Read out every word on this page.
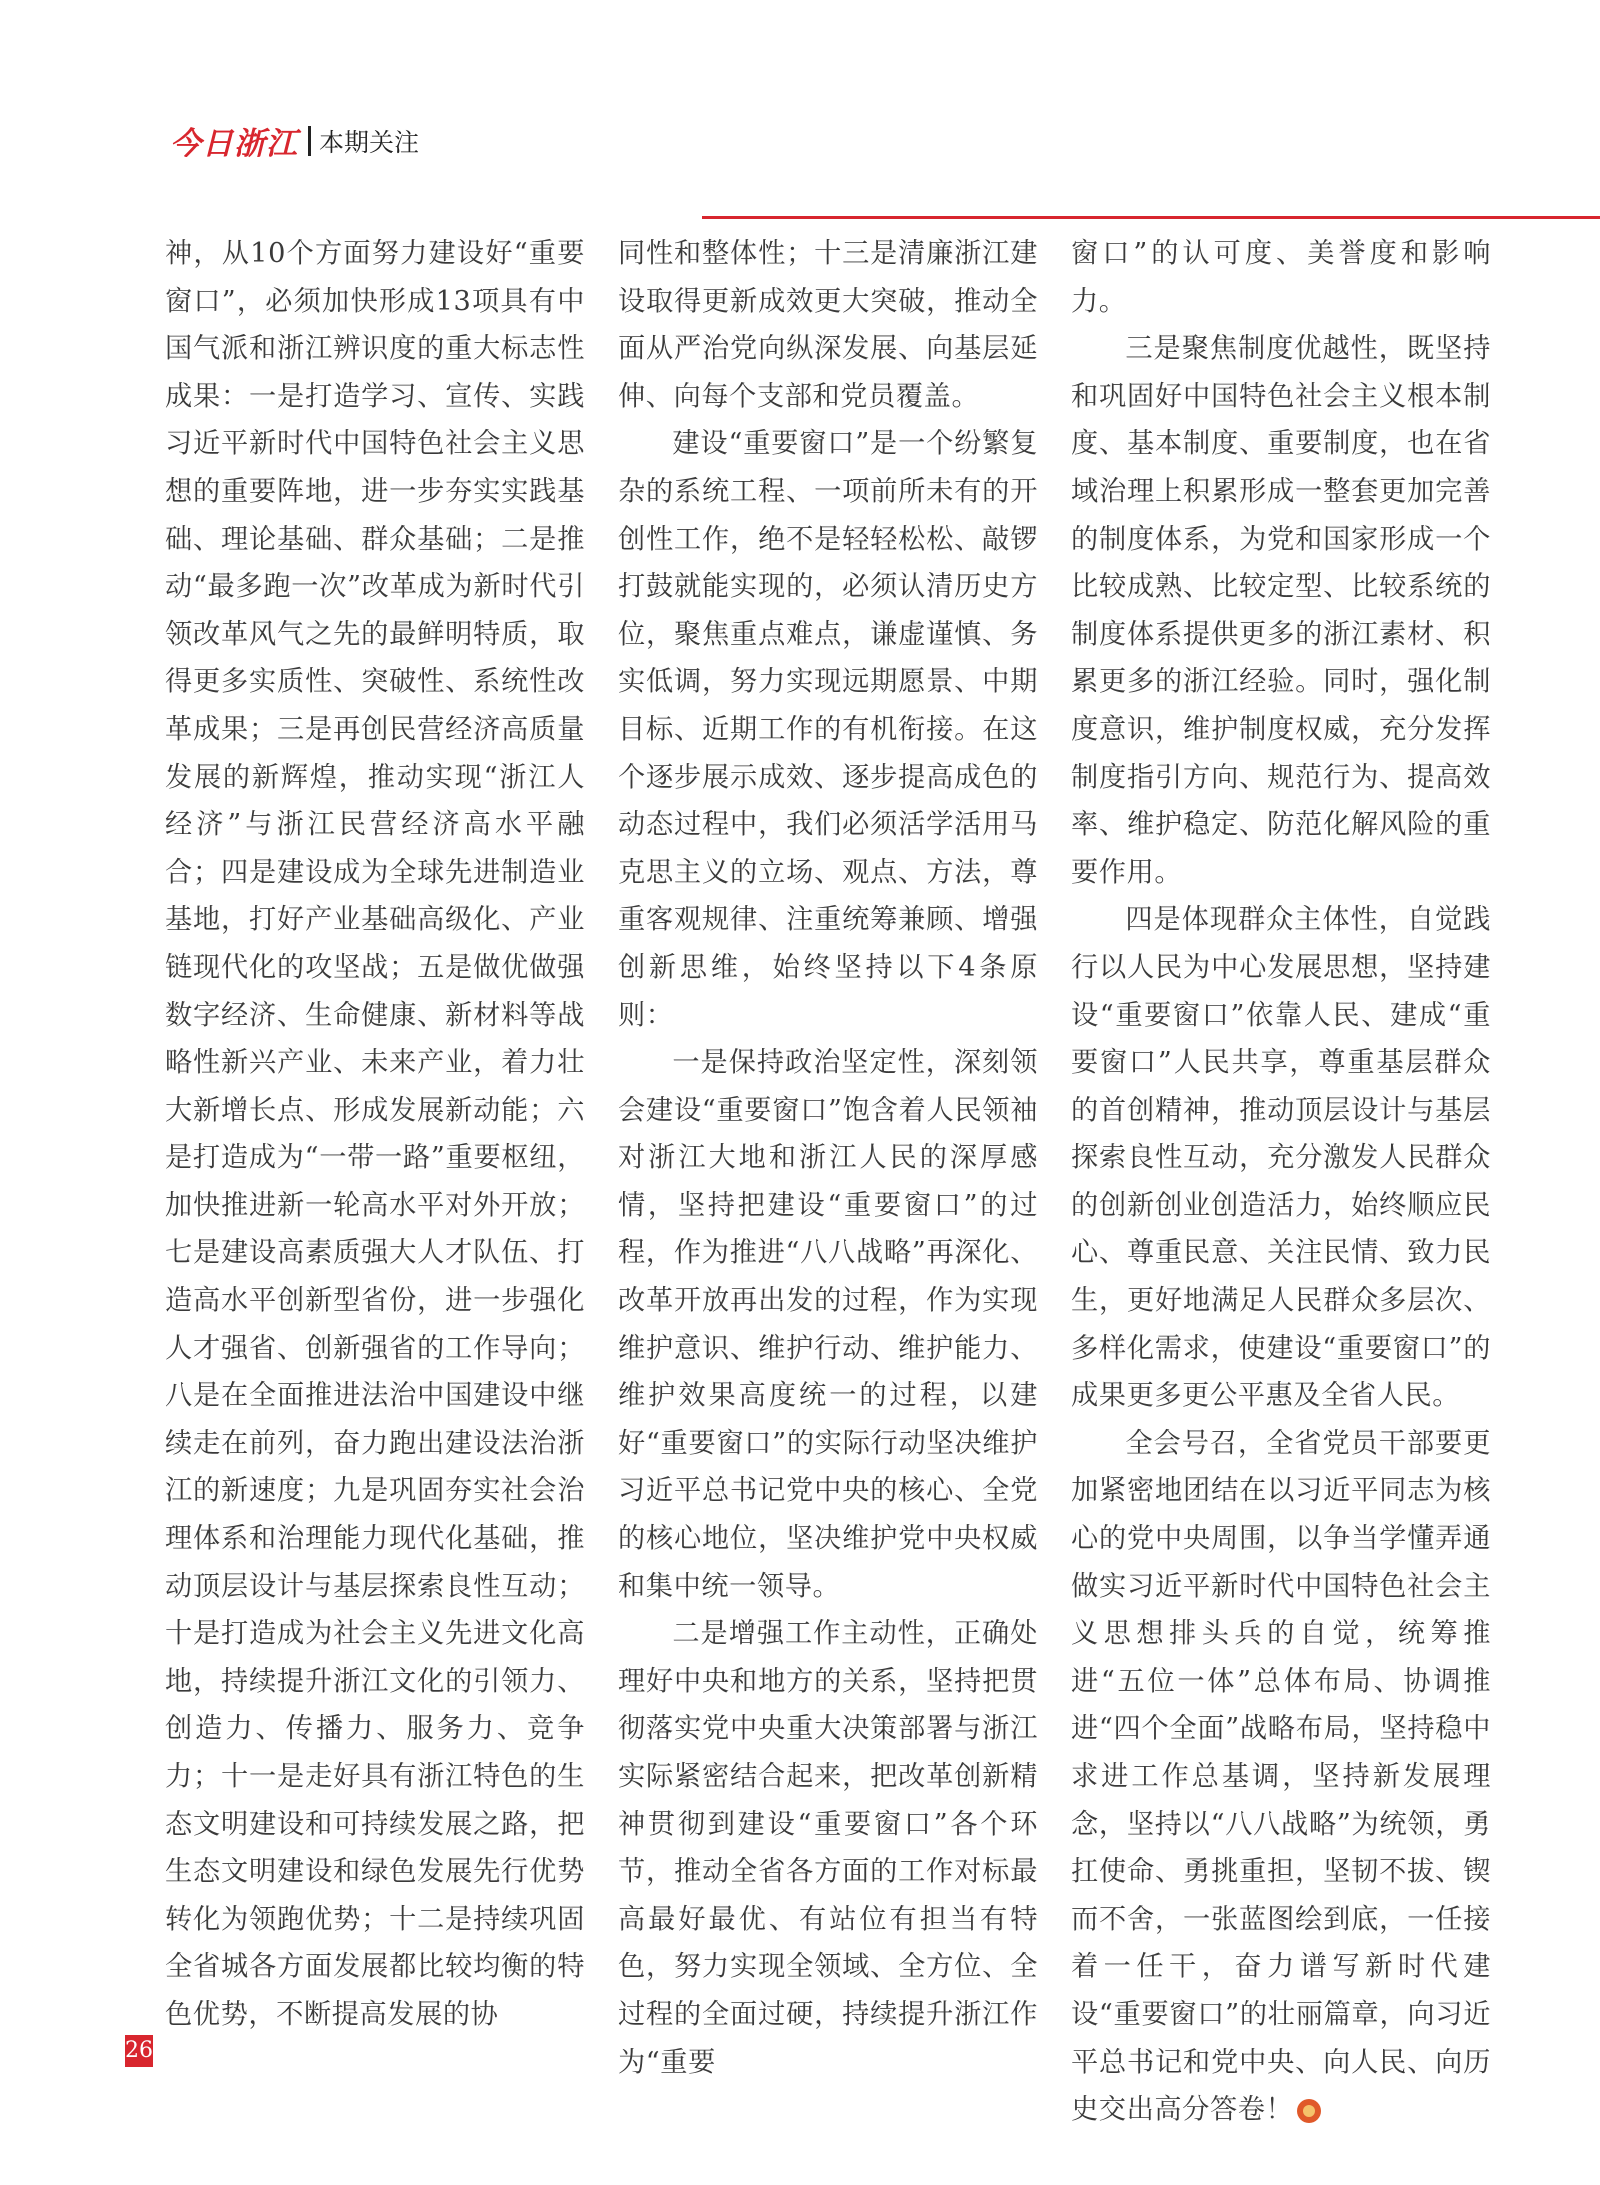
今日浙江 本期关注

神，从10个方面努力建设好“重要窗口”，必须加快形成13项具有中国气派和浙江辨识度的重大标志性成果：一是打造学习、宣传、实践习近平新时代中国特色社会主义思想的重要阵地，进一步夯实实践基础、理论基础、群众基础；二是推动“最多跑一次”改革成为新时代引领改革风气之先的最鲜明特质，取得更多实质性、突破性、系统性改革成果；三是再创民营经济高质量发展的新辉煌，推动实现“浙江人经济”与浙江民营经济高水平融合；四是建设成为全球先进制造业基地，打好产业基础高级化、产业链现代化的攻坚战；五是做优做强数字经济、生命健康、新材料等战略性新兴产业、未来产业，着力壮大新增长点、形成发展新动能；六是打造成为“一带一路”重要枢纽，加快推进新一轮高水平对外开放；七是建设高素质强大人才队伍、打造高水平创新型省份，进一步强化人才强省、创新强省的工作导向；八是在全面推进法治中国建设中继续走在前列，奋力跑出建设法治浙江的新速度；九是巩固夯实社会治理体系和治理能力现代化基础，推动顶层设计与基层探索良性互动；十是打造成为社会主义先进文化高地，持续提升浙江文化的引领力、创造力、传播力、服务力、竞争力；十一是走好具有浙江特色的生态文明建设和可持续发展之路，把生态文明建设和绿色发展先行优势转化为领跑优势；十二是持续巩固全省城各方面发展都比较均衡的特色优势，不断提高发展的协

同性和整体性；十三是清廉浙江建设取得更新成效更大突破，推动全面从严治党向纵深发展、向基层延伸、向每个支部和党员覆盖。

建设“重要窗口”是一个纷繁复杂的系统工程、一项前所未有的开创性工作，绝不是轻轻松松、敲锣打鼓就能实现的，必须认清历史方位，聚焦重点难点，谦虚谨慎、务实低调，努力实现远期愿景、中期目标、近期工作的有机衔接。在这个逐步展示成效、逐步提高成色的动态过程中，我们必须活学活用马克思主义的立场、观点、方法，尊重客观规律、注重统筹兼顾、增强创新思维，始终坚持以下4条原则：

一是保持政治坚定性，深刻领会建设“重要窗口”饱含着人民领袖对浙江大地和浙江人民的深厚感情，坚持把建设“重要窗口”的过程，作为推进“八八战略”再深化、改革开放再出发的过程，作为实现维护意识、维护行动、维护能力、维护效果高度统一的过程，以建好“重要窗口”的实际行动坚决维护习近平总书记党中央的核心、全党的核心地位，坚决维护党中央权威和集中统一领导。

二是增强工作主动性，正确处理好中央和地方的关系，坚持把贯彻落实党中央重大决策部署与浙江实际紧密结合起来，把改革创新精神贯彻到建设“重要窗口”各个环节，推动全省各方面的工作对标最高最好最优、有站位有担当有特色，努力实现全领域、全方位、全过程的全面过硬，持续提升浙江作为“重要

窗口”的认可度、美誉度和影响力。

三是聚焦制度优越性，既坚持和巩固好中国特色社会主义根本制度、基本制度、重要制度，也在省域治理上积累形成一整套更加完善的制度体系，为党和国家形成一个比较成熟、比较定型、比较系统的制度体系提供更多的浙江素材、积累更多的浙江经验。同时，强化制度意识，维护制度权威，充分发挥制度指引方向、规范行为、提高效率、维护稳定、防范化解风险的重要作用。

四是体现群众主体性，自觉践行以人民为中心发展思想，坚持建设“重要窗口”依靠人民、建成“重要窗口”人民共享，尊重基层群众的首创精神，推动顶层设计与基层探索良性互动，充分激发人民群众的创新创业创造活力，始终顺应民心、尊重民意、关注民情、致力民生，更好地满足人民群众多层次、多样化需求，使建设“重要窗口”的成果更多更公平惠及全省人民。

全会号召，全省党员干部要更加紧密地团结在以习近平同志为核心的党中央周围，以争当学懂弄通做实习近平新时代中国特色社会主义思想排头兵的自觉，统筹推进“五位一体”总体布局、协调推进“四个全面”战略布局，坚持稳中求进工作总基调，坚持新发展理念，坚持以“八八战略”为统领，勇扛使命、勇挑重担，坚韧不拔、锲而不舍，一张蓝图绘到底，一任接着一任干，奋力谱写新时代建设“重要窗口”的壮丽篇章，向习近平总书记和党中央、向人民、向历史交出高分答卷！

26
